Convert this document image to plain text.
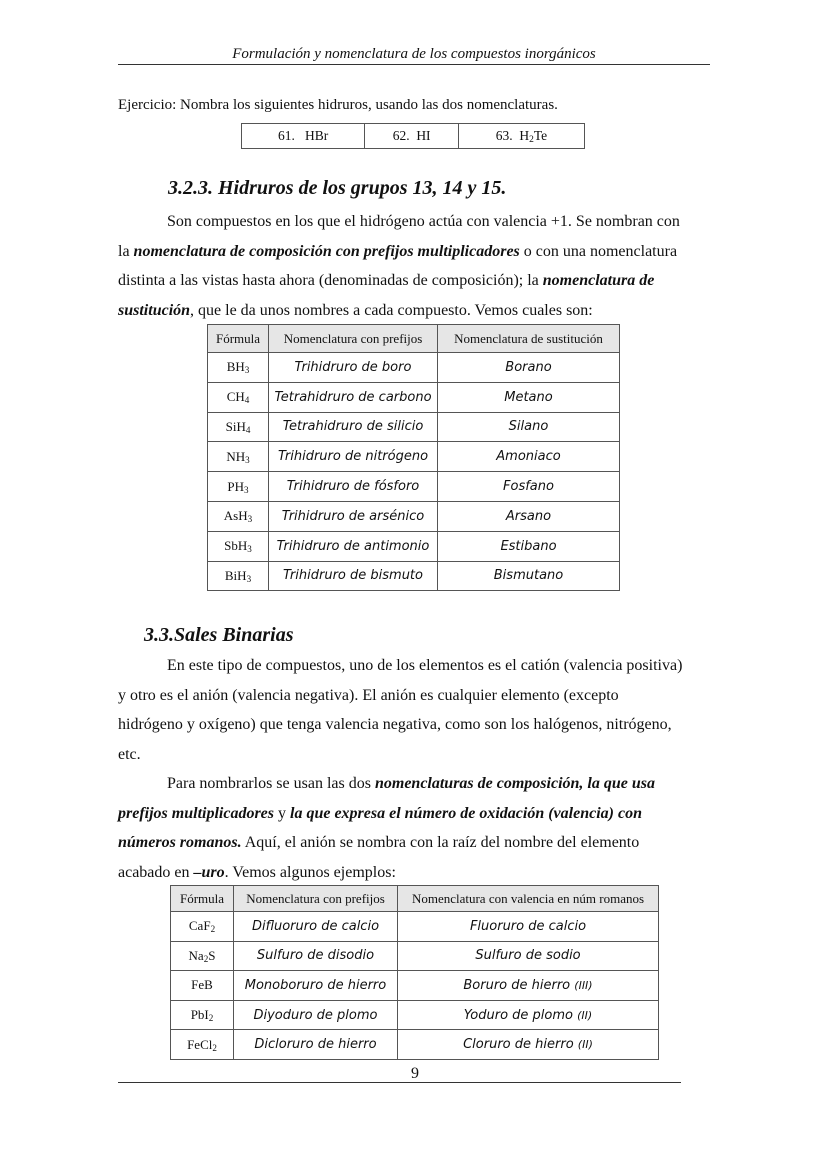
Formulación y nomenclatura de los compuestos inorgánicos
Ejercicio: Nombra los siguientes hidruros, usando las dos nomenclaturas.
61. HBr	62. HI	63. $H_2Te$
3.2.3. Hidruros de los grupos 13, 14 y 15.
Son compuestos en los que el hidrógeno actúa con valencia +1. Se nombran con
la nomenclatura de composición con prefijos multiplicadores o con una nomenclatura
distinta a las vistas hasta ahora (denominadas de composición); la nomenclatura de
sustitución, que le da unos nombres a cada compuesto. Vemos cuales son:
Fórmula	Nomenclatura con prefijos	Nomenclatura de sustitución
$BH_3$	Trihidruro de boro	Borano
$CH_4$	Tetrahidruro de carbono	Metano
SiH$_4$	Tetrahidruro de silicio	Silano
$NH_3$	Trihidruro de nitrógeno	Amoniaco
$PH_3$	Trihidruro de fósforo	Fosfano
AsH$_3$	Trihidruro de arsénico	Arsano
SbH$_3$	Trihidruro de antimonio	Estibano
BiH$_3$	Trihidruro de bismuto	Bismutano
3.3.Sales Binarias
En este tipo de compuestos, uno de los elementos es el catión (valencia positiva)
y otro es el anión (valencia negativa). El anión es cualquier elemento (excepto
hidrógeno y oxígeno) que tenga valencia negativa, como son los halógenos, nitrógeno,
etc.
Para nombrarlos se usan las dos nomenclaturas de composición, la que usa
prefijos multiplicadores y la que expresa el número de oxidación (valencia) con
números romanos. Aquí, el anión se nombra con la raíz del nombre del elemento
acabado en –uro. Vemos algunos ejemplos:
Fórmula	Nomenclatura con prefijos	Nomenclatura con valencia en núm romanos
CaF$_2$	Difluoruro de calcio	Fluoruro de calcio
$Na_2S$	Sulfuro de disodio	Sulfuro de sodio
FeB	Monoboruro de hierro	Boruro de hierro (III)
PbI$_2$	Diyoduro de plomo	Yoduro de plomo (II)
FeCl$_2$	Dicloruro de hierro	Cloruro de hierro (II)
9
